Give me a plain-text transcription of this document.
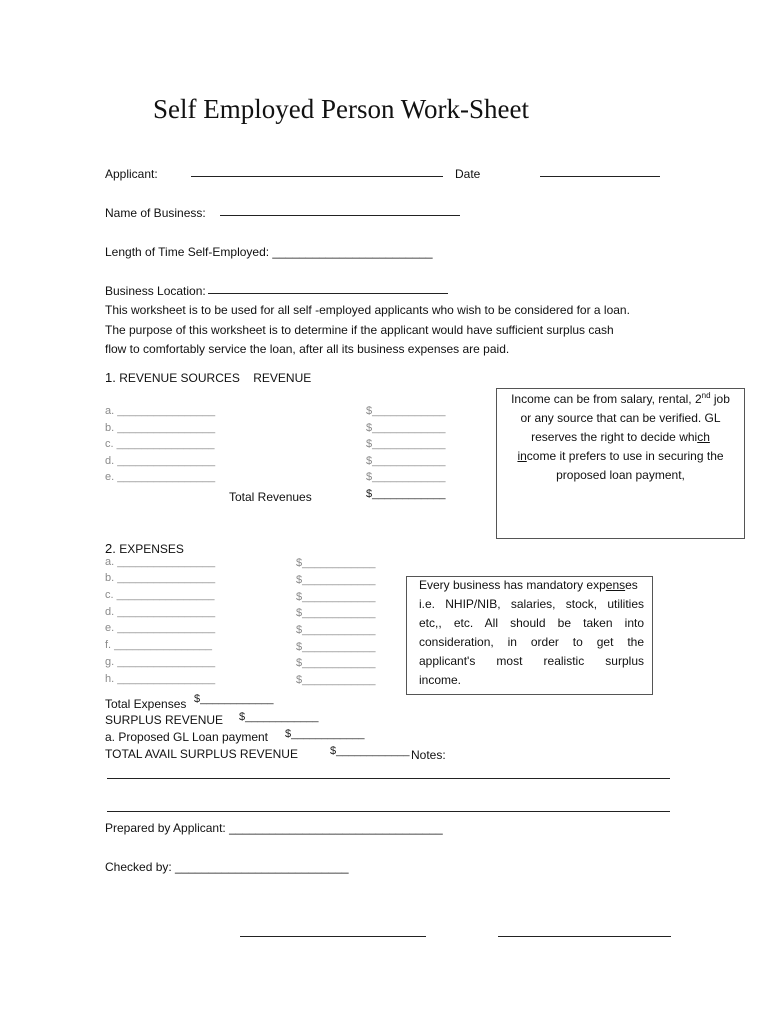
Self Employed Person Work-Sheet
Applicant:	Date
Name of Business:
Length of Time Self-Employed: ________________________
Business Location:
This worksheet is to be used for all self -employed applicants who wish to be considered for a loan.
The purpose of this worksheet is to determine if the applicant would have sufficient surplus cash
flow to comfortably service the loan, after all its business expenses are paid.
1. REVENUE SOURCES REVENUE
a. ________________	$____________
b. ________________	$____________
c. ________________	$____________
d. ________________	$____________
e. ________________	$____________
Total Revenues	$____________
Income can be from salary, rental, 2nd job
or any source that can be verified. GL
reserves the right to decide which
income it prefers to use in securing the
proposed loan payment,
2. EXPENSES
a. ________________	$____________
b. ________________	$____________
c. ________________	$____________
d. ________________	$____________
e. ________________	$____________
f. ________________	$____________
g. ________________	$____________
h. ________________	$____________
Every business has mandatory expenses
i.e. NHIP/NIB, salaries, stock, utilities
etc,, etc. All should be taken into
consideration, in order to get the
applicant's most realistic surplus
income.
Total Expenses $____________
SURPLUS REVENUE $____________
a. Proposed GL Loan payment $____________
TOTAL AVAIL SURPLUS REVENUE	$____________ Notes:
Prepared by Applicant: ________________________________
Checked by: __________________________
